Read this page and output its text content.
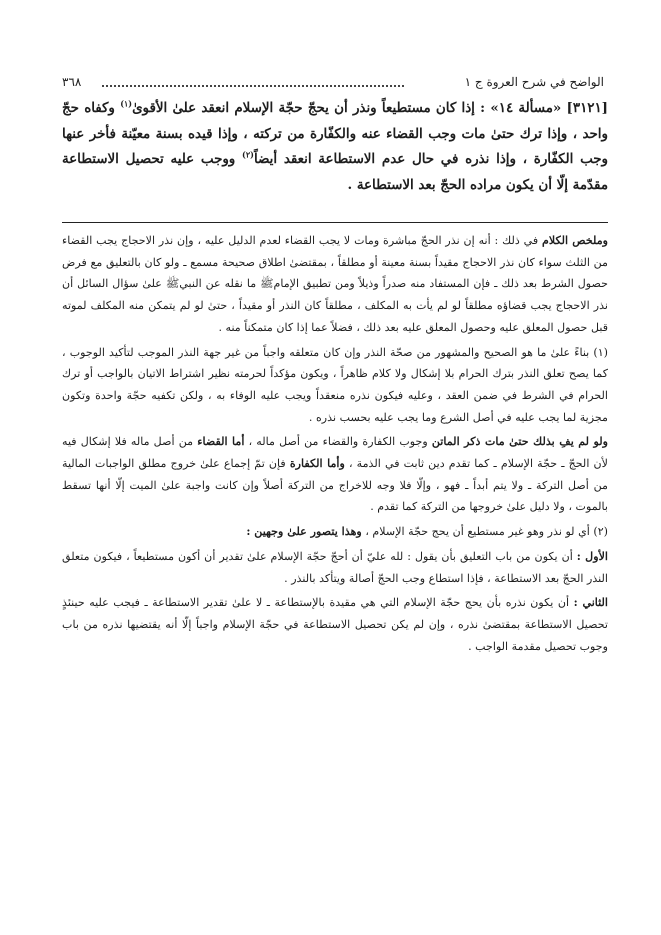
الواضح في شرح العروة ج ١
٣٦٨
[٣١٢١] «مسألة ١٤» : إذا كان مستطيعاً ونذر أن يحجّ حجّة الإسلام انعقد علىٰ الأقوىٰ$^{(١)}$ وكفاه حجّ واحد ، وإذا ترك حتىٰ مات وجب القضاء عنه والكفّارة من تركته ، وإذا قيده بسنة معيّنة فأخر عنها وجب الكفّارة ، وإذا نذره في حال عدم الاستطاعة انعقد أيضاً$^{(٢)}$ ووجب عليه تحصيل الاستطاعة مقدّمة إلّا أن يكون مراده الحجّ بعد الاستطاعة .

وملخص الكلام في ذلك : أنه إن نذر الحجّ مباشرة ومات لا يجب القضاء لعدم الدليل عليه ، وإن نذر الاحجاج يجب القضاء من الثلث سواء كان نذر الاحجاج مقيداً بسنة معينة أو مطلقاً ، بمقتضىٰ اطلاق صحيحة مسمع ـ ولو كان بالتعليق مع فرض حصول الشرط بعد ذلك ـ فإن المستفاد منه صدراً وذيلاً ومن تطبيق الإمامﷺ ما نقله عن النبيﷺ علىٰ سؤال السائل أن نذر الاحجاج يجب قضاؤه مطلقاً لو لم يأت به المكلف ، مطلقاً كان النذر أو مقيداً ، حتىٰ لو لم يتمكن منه المكلف لموته قبل حصول المعلق عليه وحصول المعلق عليه بعد ذلك ، فضلاً عما إذا كان متمكناً منه .

(١) بناءً علىٰ ما هو الصحيح والمشهور من صحّة النذر وإن كان متعلقه واجباً من غير جهة النذر الموجب لتأكيد الوجوب ، كما يصح تعلق النذر بترك الحرام بلا إشكال ولا كلام ظاهراً ، ويكون مؤكداً لحرمته نظير اشتراط الاتيان بالواجب أو ترك الحرام في الشرط في ضمن العقد ، وعليه فيكون نذره منعقداً ويجب عليه الوفاء به ، ولكن تكفيه حجّة واحدة وتكون مجزية لما يجب عليه في أصل الشرع وما يجب عليه بحسب نذره .

ولو لم يفِ بذلك حتىٰ مات ذكر الماتن وجوب الكفارة والقضاء من أصل ماله ، أما القضاء من أصل ماله فلا إشكال فيه لأن الحجّ ـ حجّة الإسلام ـ كما تقدم دين ثابت في الذمة ، وأما الكفارة فإن تمّ إجماع علىٰ خروج مطلق الواجبات المالية من أصل التركة ـ ولا يتم أبداً ـ فهو ، وإلّا فلا وجه للاخراج من التركة أصلاً وإن كانت واجبة علىٰ الميت إلّا أنها تسقط بالموت ، ولا دليل علىٰ خروجها من التركة كما تقدم .

(٢) أي لو نذر وهو غير مستطيع أن يحج حجّة الإسلام ، وهذا يتصور علىٰ وجهين :

الأول : أن يكون من باب التعليق بأن يقول : لله عليّ أن أحجّ حجّة الإسلام علىٰ تقدير أن أكون مستطيعاً ، فيكون متعلق النذر الحجّ بعد الاستطاعة ، فإذا استطاع وجب الحجّ أصالة ويتأكد بالنذر .

الثاني : أن يكون نذره بأن يحج حجّة الإسلام التي هي مقيدة بالإستطاعة ـ لا علىٰ تقدير الاستطاعة ـ فيجب عليه حينئذٍ تحصيل الاستطاعة بمقتضىٰ نذره ، وإن لم يكن تحصيل الاستطاعة في حجّة الإسلام واجباً إلّا أنه يقتضيها نذره من باب وجوب تحصيل مقدمة الواجب .
